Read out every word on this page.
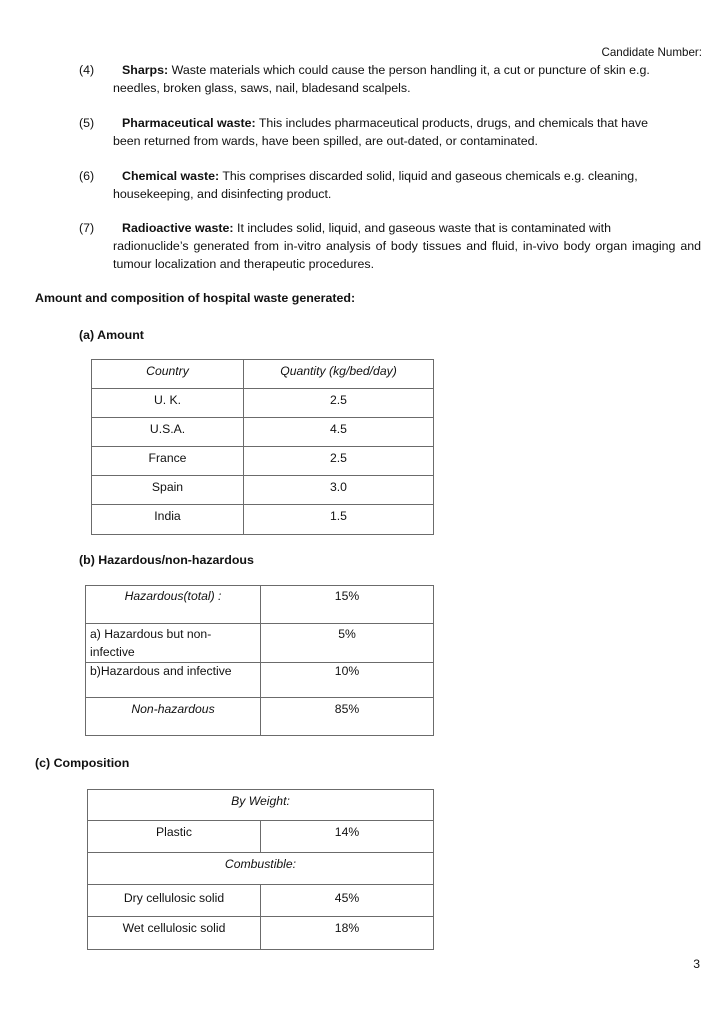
Candidate Number:
(4)	Sharps: Waste materials which could cause the person handling it, a cut or puncture of skin e.g.
needles, broken glass, saws, nail, bladesand scalpels.
(5)	Pharmaceutical waste: This includes pharmaceutical products, drugs, and chemicals that have
been returned from wards, have been spilled, are out-dated, or contaminated.
(6)	Chemical waste: This comprises discarded solid, liquid and gaseous chemicals e.g. cleaning,
housekeeping, and disinfecting product.
(7)	Radioactive waste: It includes solid, liquid, and gaseous waste that is contaminated with
radionuclide’s generated from in-vitro analysis of body tissues and fluid, in-vivo body organ imaging and tumour localization and therapeutic procedures.
Amount and composition of hospital waste generated:
(a) Amount
Country	Quantity (kg/bed/day)
U. K.	2.5
U.S.A.	4.5
France	2.5
Spain	3.0
India	1.5
(b) Hazardous/non-hazardous
Hazardous(total) :	15%

a) Hazardous but non-infective	5%
b)Hazardous and infective	10%
Non-hazardous	85%
(c) Composition
By Weight:	
Plastic	14%
Combustible:	
Dry cellulosic solid	45%
Wet cellulosic solid	18%
3
